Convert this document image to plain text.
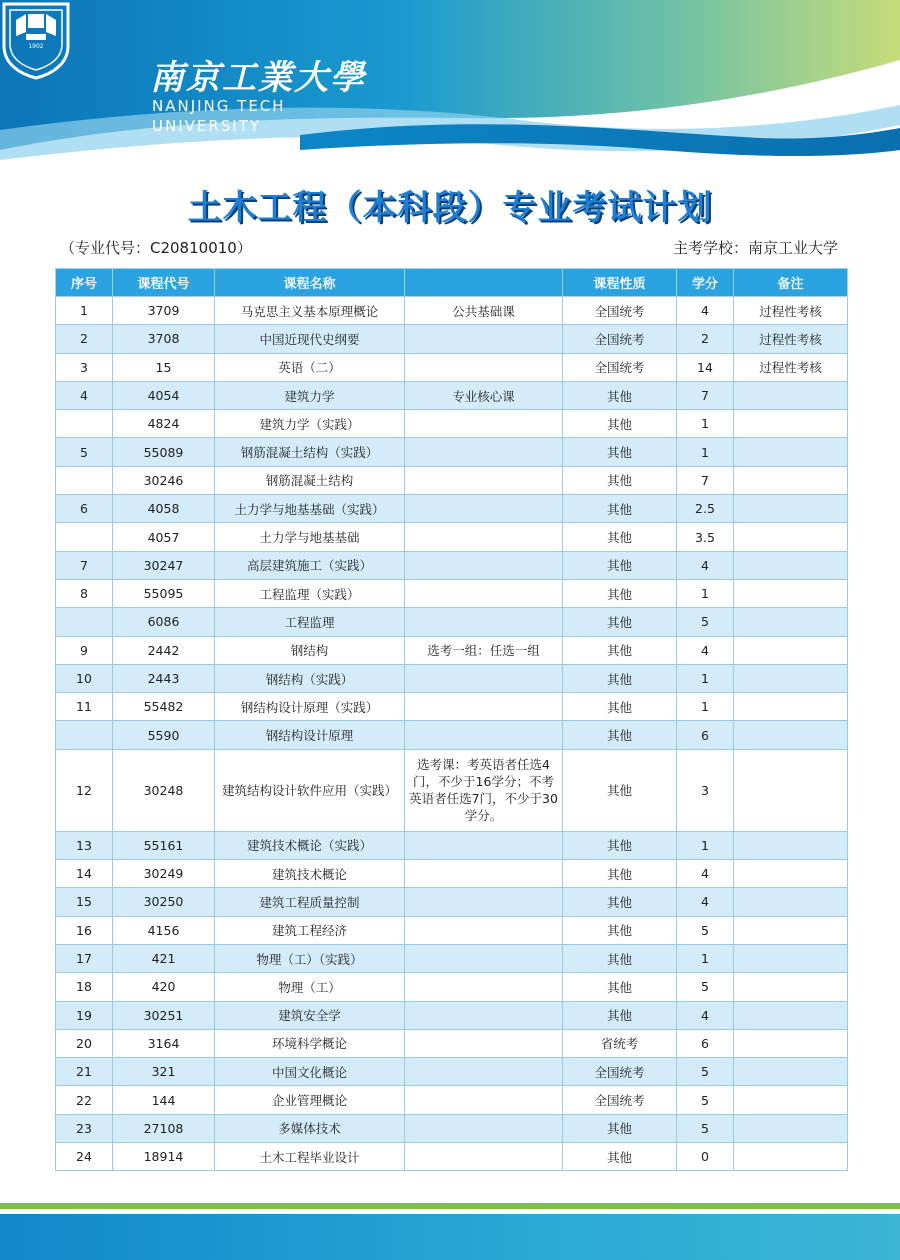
1902
南京工業大學
NANJING TECH
UNIVERSITY
土木工程（本科段）专业考试计划
（专业代号：C20810010）	主考学校：南京工业大学
序号	课程代号	课程名称		课程性质	学分	备注
1	3709	马克思主义基本原理概论	公共基础课	全国统考	4	过程性考核
2	3708	中国近现代史纲要		全国统考	2	过程性考核
3	15	英语（二）		全国统考	14	过程性考核
4	4054	建筑力学	专业核心课	其他	7	
	4824	建筑力学（实践）		其他	1	
5	55089	钢筋混凝土结构（实践）		其他	1	
	30246	钢筋混凝土结构		其他	7	
6	4058	土力学与地基基础（实践）		其他	2.5	
	4057	土力学与地基基础		其他	3.5	
7	30247	高层建筑施工（实践）		其他	4	
8	55095	工程监理（实践）		其他	1	
	6086	工程监理		其他	5	
9	2442	钢结构	选考一组：任选一组	其他	4	
10	2443	钢结构（实践）		其他	1	
11	55482	钢结构设计原理（实践）		其他	1	
	5590	钢结构设计原理		其他	6	
12	30248	建筑结构设计软件应用（实践）	选考课：考英语者任选4门，不少于16学分；不考英语者任选7门，不少于30学分。	其他	3	
13	55161	建筑技术概论（实践）		其他	1	
14	30249	建筑技术概论		其他	4	
15	30250	建筑工程质量控制		其他	4	
16	4156	建筑工程经济		其他	5	
17	421	物理（工）（实践）		其他	1	
18	420	物理（工）		其他	5	
19	30251	建筑安全学		其他	4	
20	3164	环境科学概论		省统考	6	
21	321	中国文化概论		全国统考	5	
22	144	企业管理概论		全国统考	5	
23	27108	多媒体技术		其他	5	
24	18914	土木工程毕业设计		其他	0	
